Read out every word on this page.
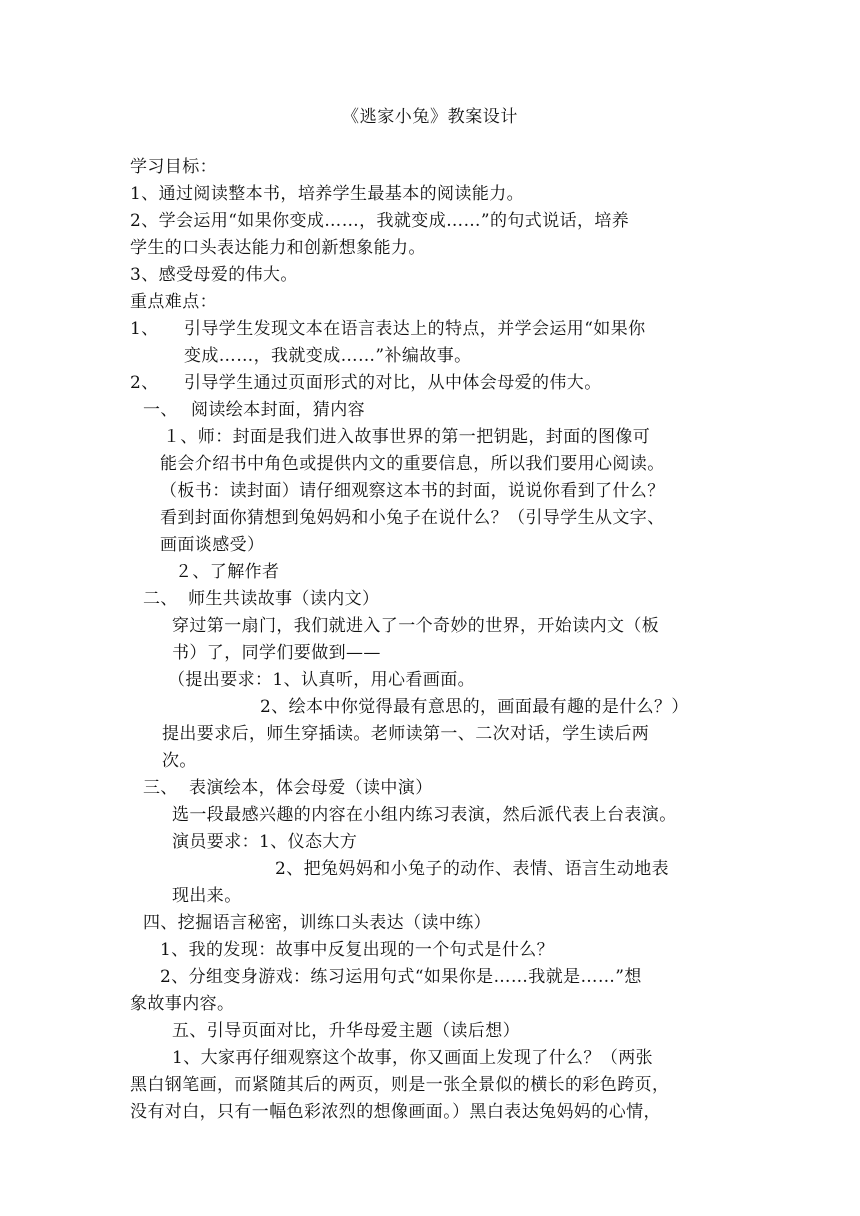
《逃家小兔》教案设计
学习目标：
1、通过阅读整本书，培养学生最基本的阅读能力。
2、学会运用“如果你变成……，我就变成……”的句式说话，培养
学生的口头表达能力和创新想象能力。
3、感受母爱的伟大。
重点难点：
1、 引导学生发现文本在语言表达上的特点，并学会运用“如果你
变成……，我就变成……”补编故事。
2、 引导学生通过页面形式的对比，从中体会母爱的伟大。
一、 阅读绘本封面，猜内容
１、师：封面是我们进入故事世界的第一把钥匙，封面的图像可
能会介绍书中角色或提供内文的重要信息，所以我们要用心阅读。
（板书：读封面）请仔细观察这本书的封面，说说你看到了什么？
看到封面你猜想到兔妈妈和小兔子在说什么？（引导学生从文字、
画面谈感受）
２、了解作者
二、 师生共读故事（读内文）
穿过第一扇门，我们就进入了一个奇妙的世界，开始读内文（板
书）了，同学们要做到——
（提出要求：1、认真听，用心看画面。
2、绘本中你觉得最有意思的，画面最有趣的是什么？）
提出要求后，师生穿插读。老师读第一、二次对话，学生读后两
次。
三、 表演绘本，体会母爱（读中演）
选一段最感兴趣的内容在小组内练习表演，然后派代表上台表演。
演员要求：1、仪态大方
2、把兔妈妈和小兔子的动作、表情、语言生动地表
现出来。
四、挖掘语言秘密，训练口头表达（读中练）
1、我的发现：故事中反复出现的一个句式是什么？
2、分组变身游戏：练习运用句式“如果你是……我就是……”想
象故事内容。
五、引导页面对比，升华母爱主题（读后想）
1、大家再仔细观察这个故事，你又画面上发现了什么？（两张
黑白钢笔画，而紧随其后的两页，则是一张全景似的横长的彩色跨页，
没有对白，只有一幅色彩浓烈的想像画面。）黑白表达兔妈妈的心情，
